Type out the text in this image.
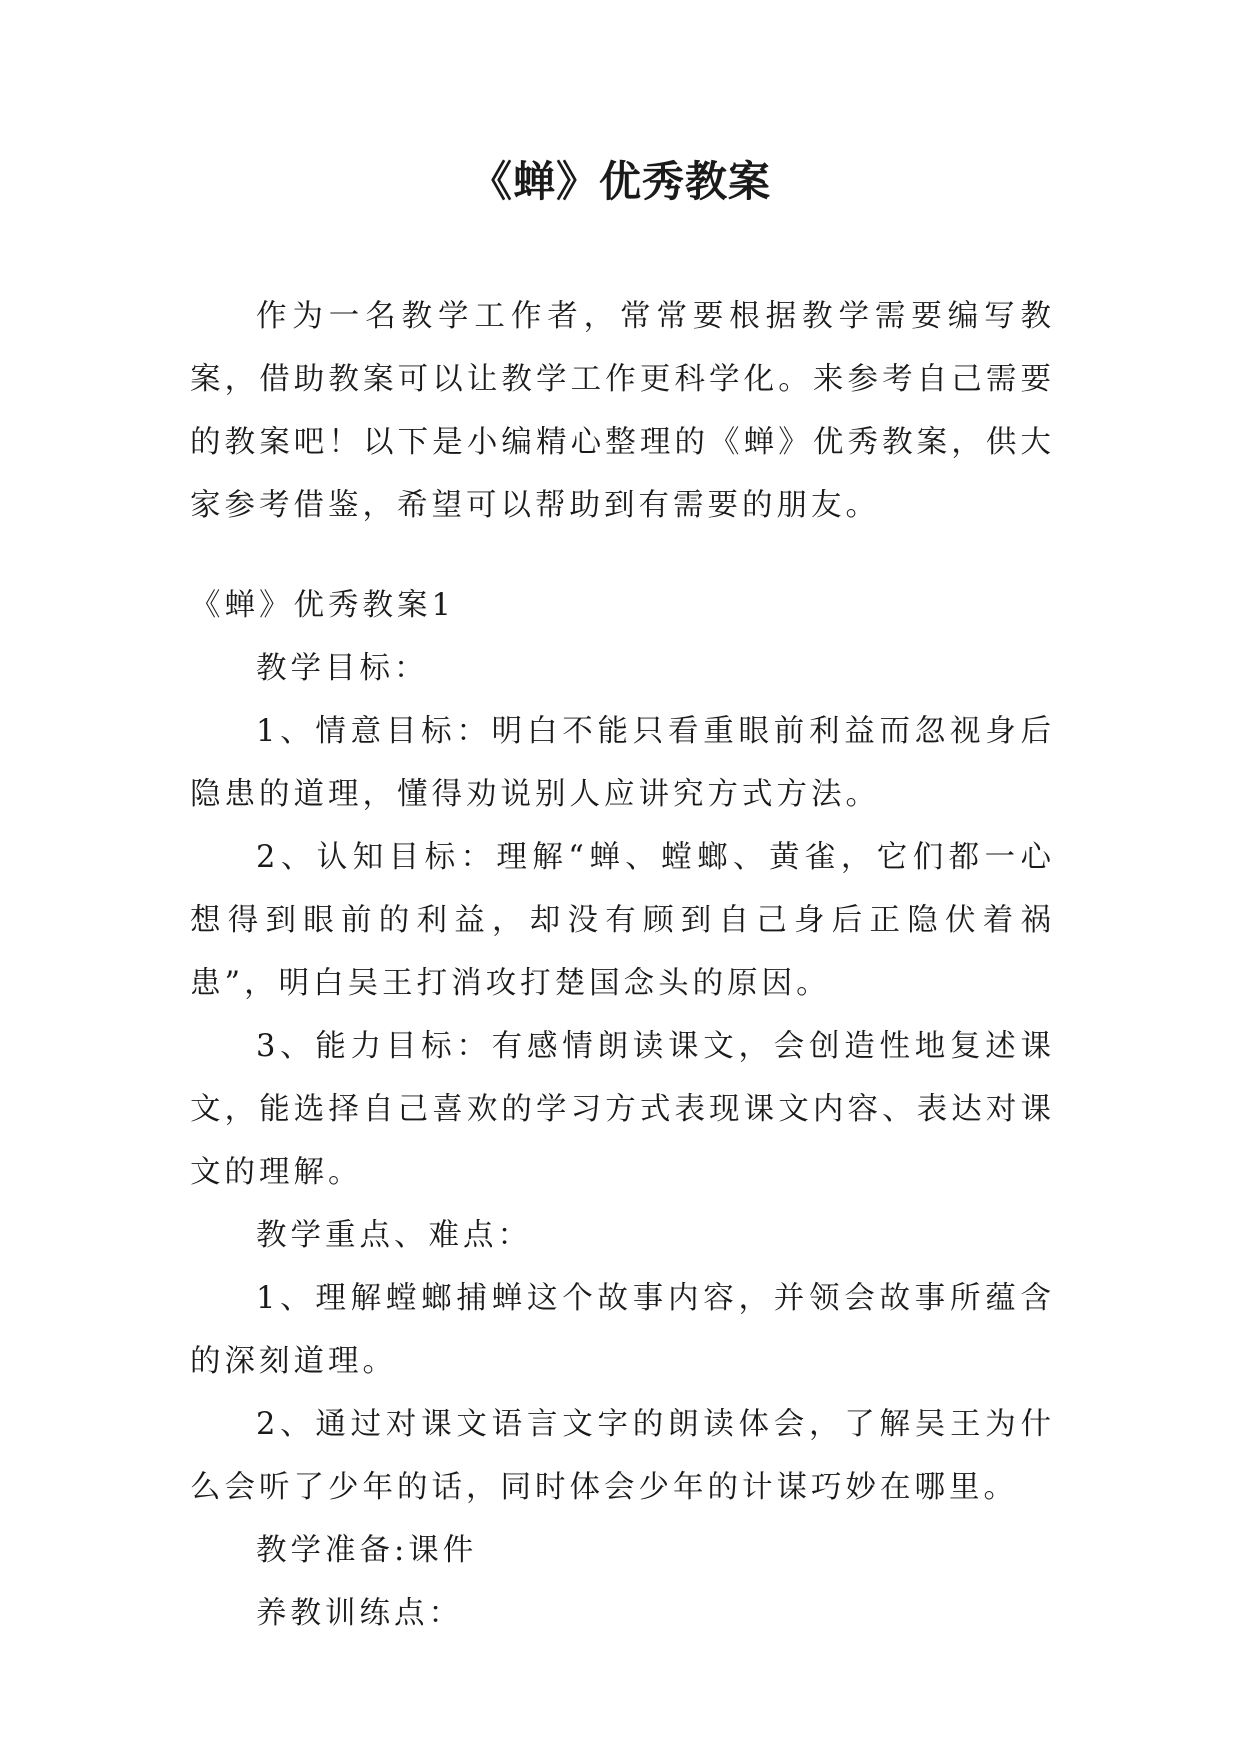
《蝉》优秀教案

作为一名教学工作者，常常要根据教学需要编写教案，借助教案可以让教学工作更科学化。来参考自己需要的教案吧！以下是小编精心整理的《蝉》优秀教案，供大家参考借鉴，希望可以帮助到有需要的朋友。

《蝉》优秀教案1

教学目标：

1、情意目标：明白不能只看重眼前利益而忽视身后隐患的道理，懂得劝说别人应讲究方式方法。

2、认知目标：理解“蝉、螳螂、黄雀，它们都一心想得到眼前的利益，却没有顾到自己身后正隐伏着祸患”，明白吴王打消攻打楚国念头的原因。

3、能力目标：有感情朗读课文，会创造性地复述课文，能选择自己喜欢的学习方式表现课文内容、表达对课文的理解。

教学重点、难点：

1、理解螳螂捕蝉这个故事内容，并领会故事所蕴含的深刻道理。

2、通过对课文语言文字的朗读体会，了解吴王为什么会听了少年的话，同时体会少年的计谋巧妙在哪里。

教学准备:课件

养教训练点：
